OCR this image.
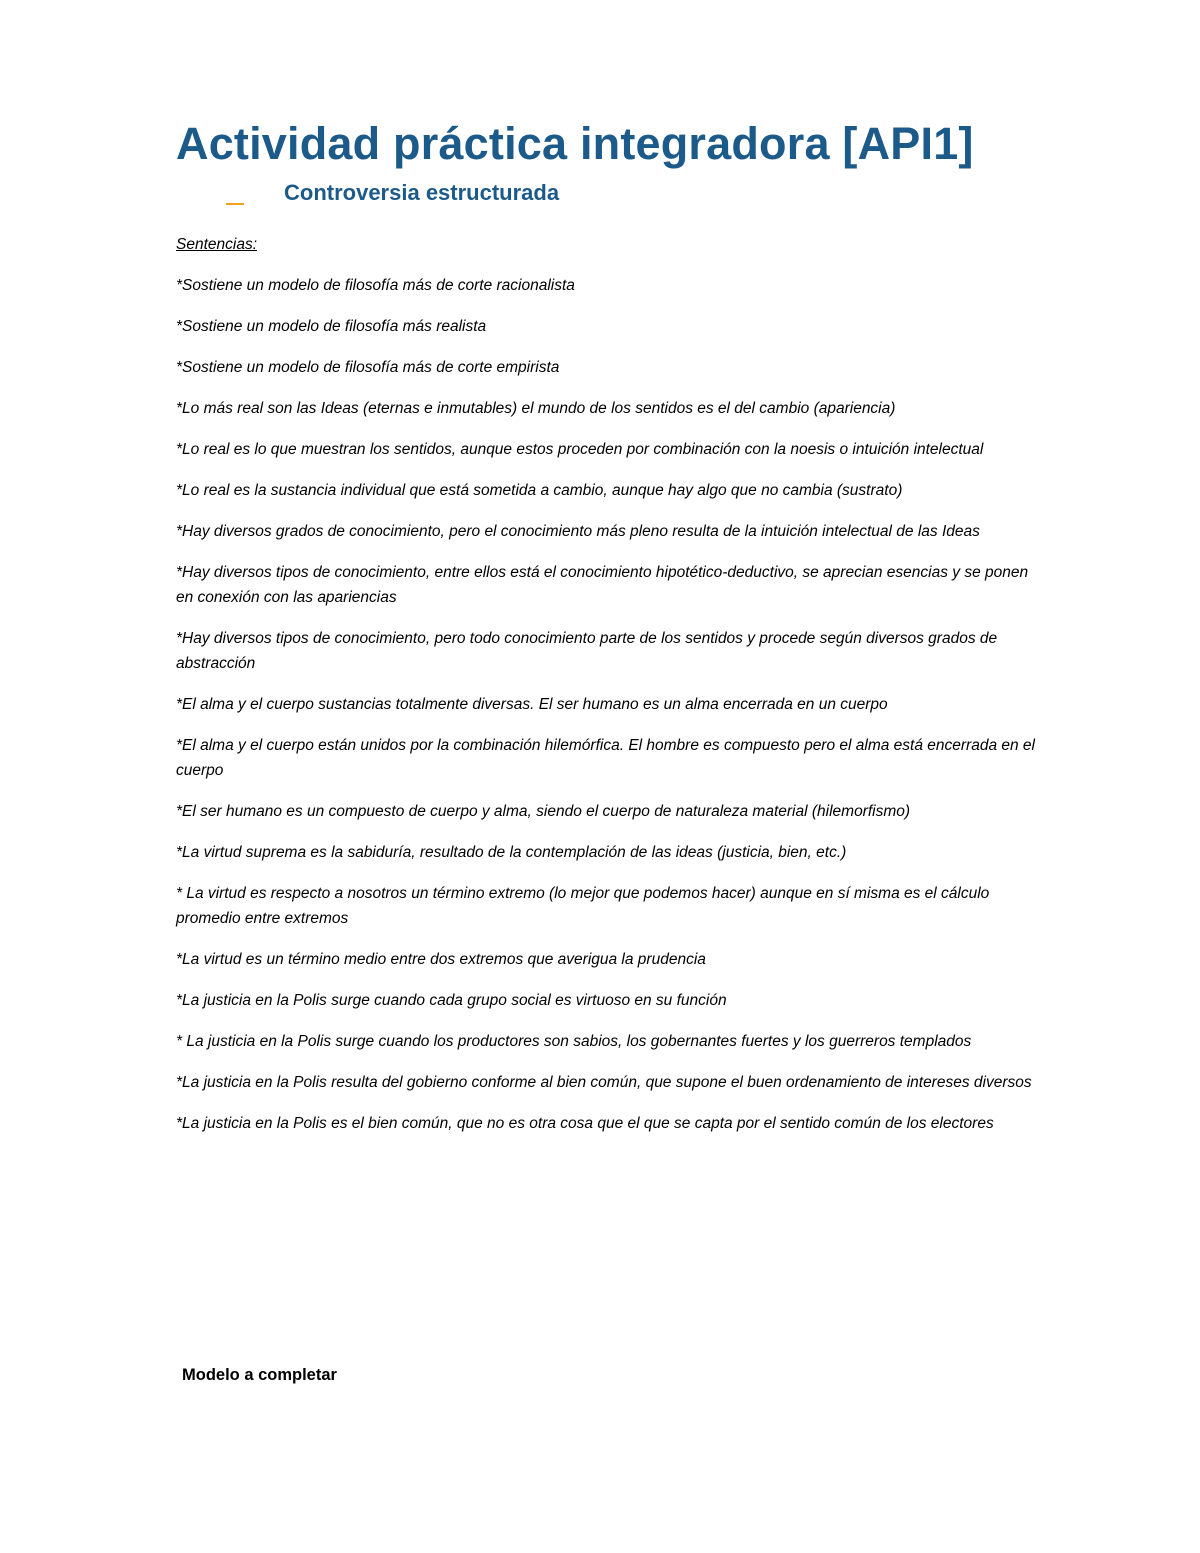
Actividad práctica integradora [API1]
Controversia estructurada

Sentencias:

*Sostiene un modelo de filosofía más de corte racionalista

*Sostiene un modelo de filosofía más realista

*Sostiene un modelo de filosofía más de corte empirista

*Lo más real son las Ideas (eternas e inmutables) el mundo de los sentidos es el del cambio (apariencia)

*Lo real es lo que muestran los sentidos, aunque estos proceden por combinación con la noesis o intuición intelectual

*Lo real es la sustancia individual que está sometida a cambio, aunque hay algo que no cambia (sustrato)

*Hay diversos grados de conocimiento, pero el conocimiento más pleno resulta de la intuición intelectual de las Ideas

*Hay diversos tipos de conocimiento, entre ellos está el conocimiento hipotético-deductivo, se aprecian esencias y se ponen en conexión con las apariencias

*Hay diversos tipos de conocimiento, pero todo conocimiento parte de los sentidos y procede según diversos grados de abstracción

*El alma y el cuerpo sustancias totalmente diversas. El ser humano es un alma encerrada en un cuerpo

*El alma y el cuerpo están unidos por la combinación hilemórfica. El hombre es compuesto pero el alma está encerrada en el cuerpo

*El ser humano es un compuesto de cuerpo y alma, siendo el cuerpo de naturaleza material (hilemorfismo)

*La virtud suprema es la sabiduría, resultado de la contemplación de las ideas (justicia, bien, etc.)

* La virtud es respecto a nosotros un término extremo (lo mejor que podemos hacer) aunque en sí misma es el cálculo promedio entre extremos

*La virtud es un término medio entre dos extremos que averigua la prudencia

*La justicia en la Polis surge cuando cada grupo social es virtuoso en su función

* La justicia en la Polis surge cuando los productores son sabios, los gobernantes fuertes y los guerreros templados

*La justicia en la Polis resulta del gobierno conforme al bien común, que supone el buen ordenamiento de intereses diversos

*La justicia en la Polis es el bien común, que no es otra cosa que el que se capta por el sentido común de los electores

Modelo a completar
